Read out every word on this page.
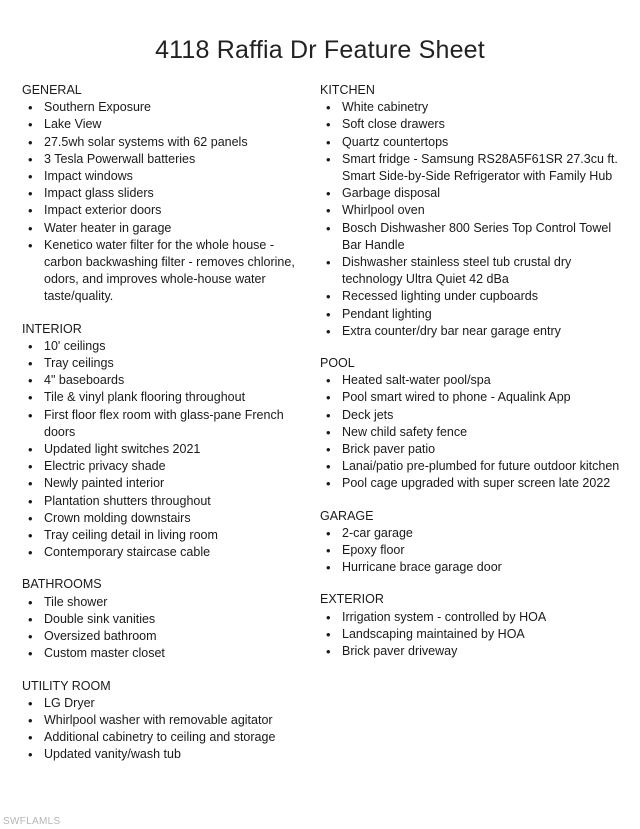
4118 Raffia Dr Feature Sheet
GENERAL
• Southern Exposure
• Lake View
• 27.5wh solar systems with 62 panels
• 3 Tesla Powerwall batteries
• Impact windows
• Impact glass sliders
• Impact exterior doors
• Water heater in garage
• Kenetico water filter for the whole house - carbon backwashing filter - removes chlorine, odors, and improves whole-house water taste/quality.
INTERIOR
• 10' ceilings
• Tray ceilings
• 4" baseboards
• Tile & vinyl plank flooring throughout
• First floor flex room with glass-pane French doors
• Updated light switches 2021
• Electric privacy shade
• Newly painted interior
• Plantation shutters throughout
• Crown molding downstairs
• Tray ceiling detail in living room
• Contemporary staircase cable
BATHROOMS
• Tile shower
• Double sink vanities
• Oversized bathroom
• Custom master closet
UTILITY ROOM
• LG Dryer
• Whirlpool washer with removable agitator
• Additional cabinetry to ceiling and storage
• Updated vanity/wash tub
KITCHEN
• White cabinetry
• Soft close drawers
• Quartz countertops
• Smart fridge - Samsung RS28A5F61SR 27.3cu ft. Smart Side-by-Side Refrigerator with Family Hub
• Garbage disposal
• Whirlpool oven
• Bosch Dishwasher 800 Series Top Control Towel Bar Handle
• Dishwasher stainless steel tub crustal dry technology Ultra Quiet 42 dBa
• Recessed lighting under cupboards
• Pendant lighting
• Extra counter/dry bar near garage entry
POOL
• Heated salt-water pool/spa
• Pool smart wired to phone - Aqualink App
• Deck jets
• New child safety fence
• Brick paver patio
• Lanai/patio pre-plumbed for future outdoor kitchen
• Pool cage upgraded with super screen late 2022
GARAGE
• 2-car garage
• Epoxy floor
• Hurricane brace garage door
EXTERIOR
• Irrigation system - controlled by HOA
• Landscaping maintained by HOA
• Brick paver driveway
SWFLAMLS
